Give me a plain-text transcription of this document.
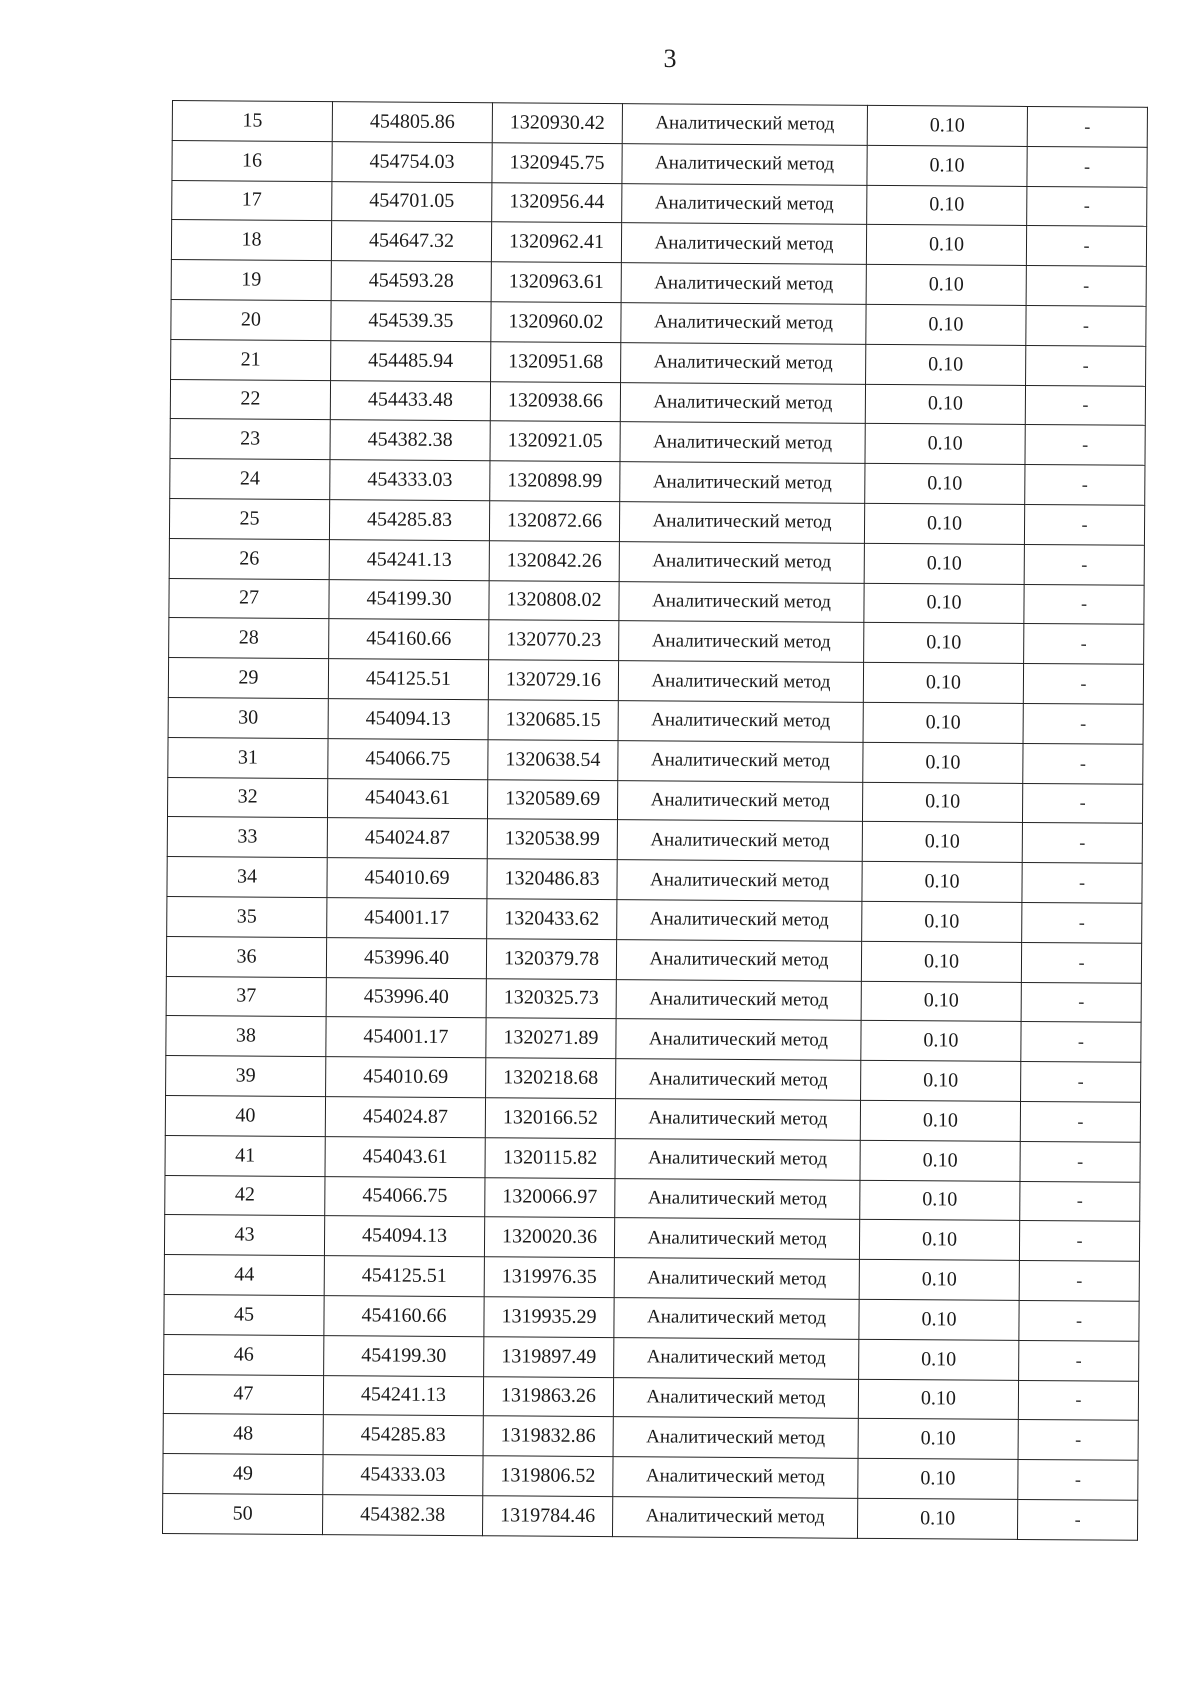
3
15	454805.86	1320930.42	Аналитический метод	0.10	-
16	454754.03	1320945.75	Аналитический метод	0.10	-
17	454701.05	1320956.44	Аналитический метод	0.10	-
18	454647.32	1320962.41	Аналитический метод	0.10	-
19	454593.28	1320963.61	Аналитический метод	0.10	-
20	454539.35	1320960.02	Аналитический метод	0.10	-
21	454485.94	1320951.68	Аналитический метод	0.10	-
22	454433.48	1320938.66	Аналитический метод	0.10	-
23	454382.38	1320921.05	Аналитический метод	0.10	-
24	454333.03	1320898.99	Аналитический метод	0.10	-
25	454285.83	1320872.66	Аналитический метод	0.10	-
26	454241.13	1320842.26	Аналитический метод	0.10	-
27	454199.30	1320808.02	Аналитический метод	0.10	-
28	454160.66	1320770.23	Аналитический метод	0.10	-
29	454125.51	1320729.16	Аналитический метод	0.10	-
30	454094.13	1320685.15	Аналитический метод	0.10	-
31	454066.75	1320638.54	Аналитический метод	0.10	-
32	454043.61	1320589.69	Аналитический метод	0.10	-
33	454024.87	1320538.99	Аналитический метод	0.10	-
34	454010.69	1320486.83	Аналитический метод	0.10	-
35	454001.17	1320433.62	Аналитический метод	0.10	-
36	453996.40	1320379.78	Аналитический метод	0.10	-
37	453996.40	1320325.73	Аналитический метод	0.10	-
38	454001.17	1320271.89	Аналитический метод	0.10	-
39	454010.69	1320218.68	Аналитический метод	0.10	-
40	454024.87	1320166.52	Аналитический метод	0.10	-
41	454043.61	1320115.82	Аналитический метод	0.10	-
42	454066.75	1320066.97	Аналитический метод	0.10	-
43	454094.13	1320020.36	Аналитический метод	0.10	-
44	454125.51	1319976.35	Аналитический метод	0.10	-
45	454160.66	1319935.29	Аналитический метод	0.10	-
46	454199.30	1319897.49	Аналитический метод	0.10	-
47	454241.13	1319863.26	Аналитический метод	0.10	-
48	454285.83	1319832.86	Аналитический метод	0.10	-
49	454333.03	1319806.52	Аналитический метод	0.10	-
50	454382.38	1319784.46	Аналитический метод	0.10	-
